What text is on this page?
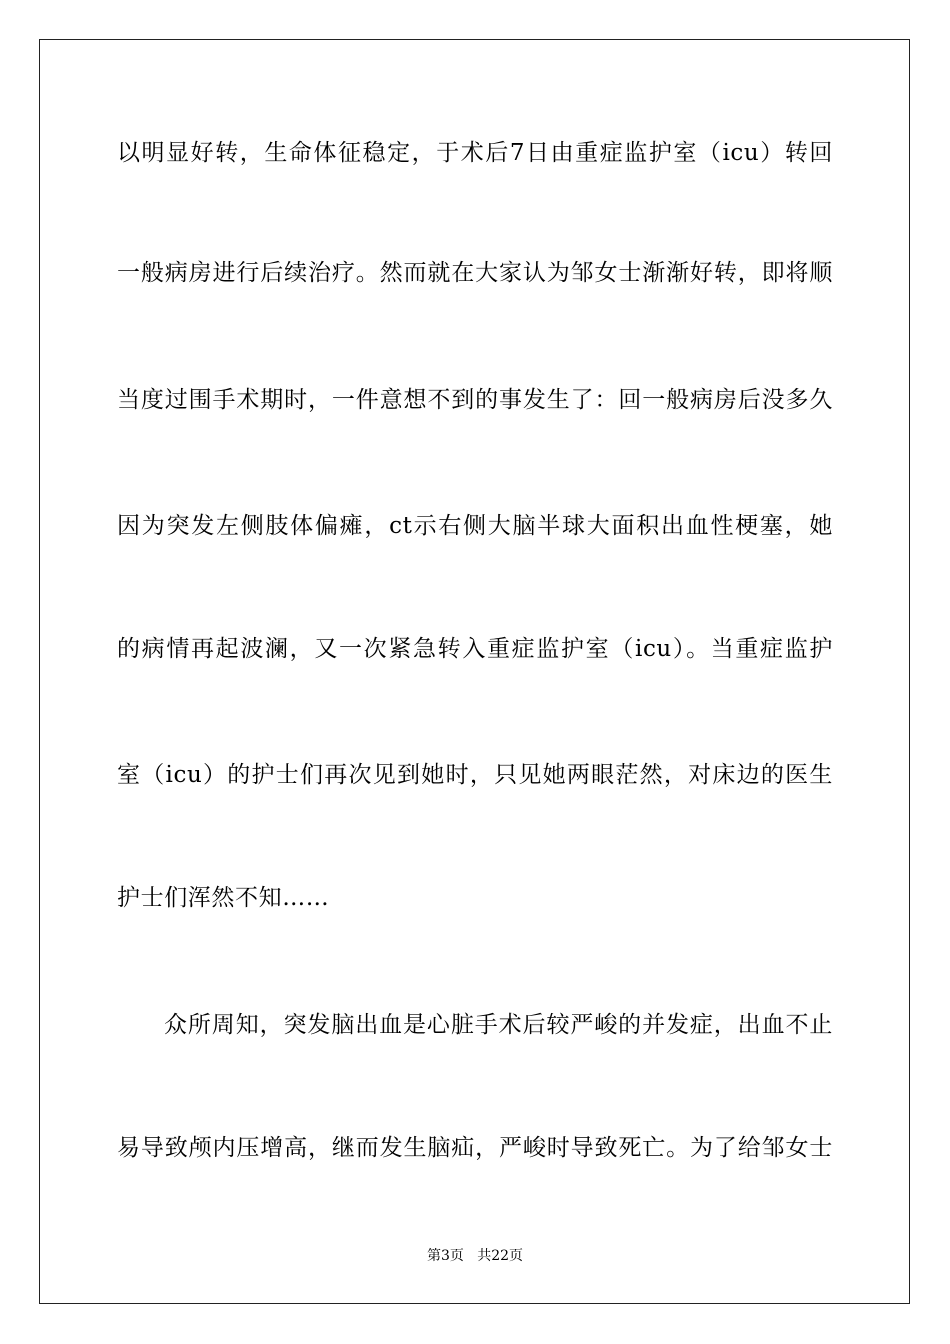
以明显好转，生命体征稳定，于术后7日由重症监护室（icu）转回
一般病房进行后续治疗。然而就在大家认为邹女士渐渐好转，即将顺
当度过围手术期时，一件意想不到的事发生了：回一般病房后没多久
因为突发左侧肢体偏瘫，ct示右侧大脑半球大面积出血性梗塞，她
的病情再起波澜，又一次紧急转入重症监护室（icu）。当重症监护
室（icu）的护士们再次见到她时，只见她两眼茫然，对床边的医生
护士们浑然不知……
众所周知，突发脑出血是心脏手术后较严峻的并发症，出血不止
易导致颅内压增高，继而发生脑疝，严峻时导致死亡。为了给邹女士
第3页   共22页
